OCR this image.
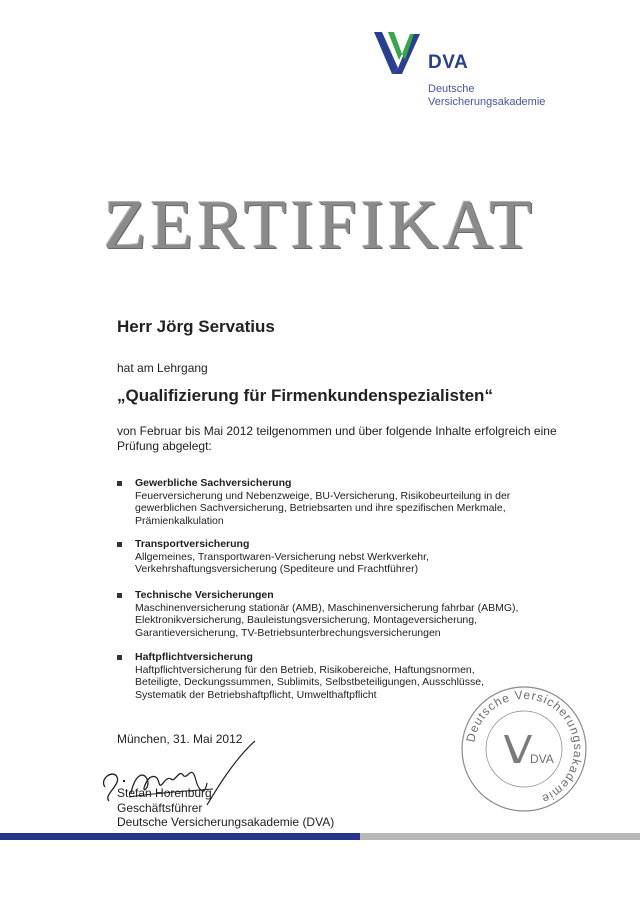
DVA
Deutsche
Versicherungsakademie
ZERTIFIKAT
Herr Jörg Servatius
hat am Lehrgang
„Qualifizierung für Firmenkundenspezialisten“
von Februar bis Mai 2012 teilgenommen und über folgende Inhalte erfolgreich eine
Prüfung abgelegt:
Gewerbliche Sachversicherung
Feuerversicherung und Nebenzweige, BU-Versicherung, Risikobeurteilung in der
gewerblichen Sachversicherung, Betriebsarten und ihre spezifischen Merkmale,
Prämienkalkulation
Transportversicherung
Allgemeines, Transportwaren-Versicherung nebst Werkverkehr,
Verkehrshaftungsversicherung (Spediteure und Frachtführer)
Technische Versicherungen
Maschinenversicherung stationär (AMB), Maschinenversicherung fahrbar (ABMG),
Elektronikversicherung, Bauleistungsversicherung, Montageversicherung,
Garantieversicherung, TV-Betriebsunterbrechungsversicherungen
Haftpflichtversicherung
Haftpflichtversicherung für den Betrieb, Risikobereiche, Haftungsnormen,
Beteiligte, Deckungssummen, Sublimits, Selbstbeteiligungen, Ausschlüsse,
Systematik der Betriebshaftpflicht, Umwelthaftpflicht
München, 31. Mai 2012
Stefan Horenburg
Geschäftsführer
Deutsche Versicherungsakademie (DVA)
Deutsche Versicherungsakademie
DVA
